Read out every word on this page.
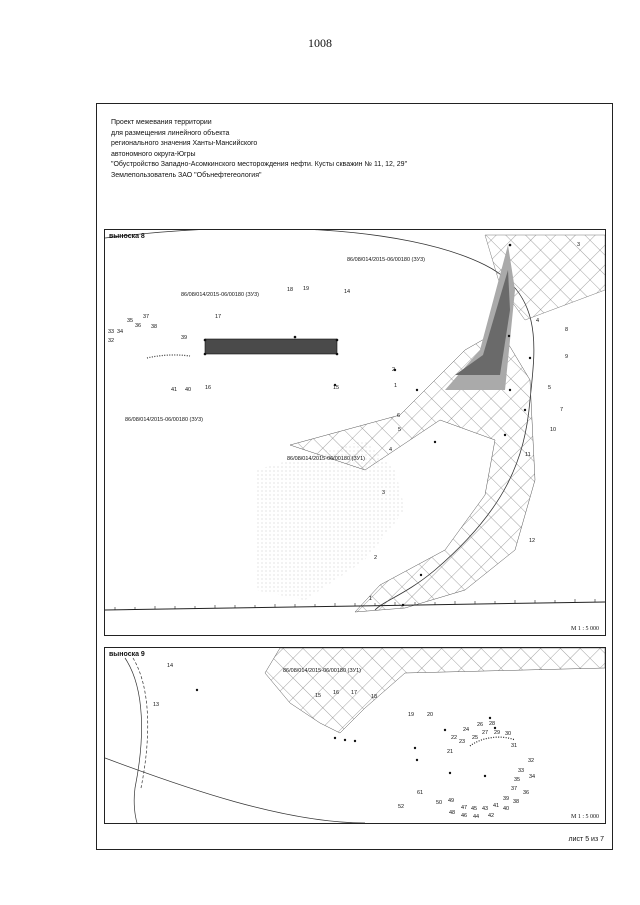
1008
Проект межевания территории
для размещения линейного объекта
регионального значения Ханты-Мансийского
автономного округа-Югры
"Обустройство Западно-Асомкинского месторождения нефти. Кусты скважин № 11, 12, 29"
Землепользователь ЗАО "Обънефтегеология"
выноска 8
86/08/014/2015-06/00180 (ЗУ3)
86/08/014/2015-06/00180 (ЗУ3)
86/08/014/2015-06/00180 (ЗУ3)
86/08/014/2015-06/00180 (ЗУ1)
М 1 : 5 000
3
18 19	14
17
37
35
36 38
33 34
32	39
41 40	16	15
2
1
4
8
9
5
7
6
5	10
4
11
3
12
2
1
выноска 9
86/08/014/2015-06/00180 (ЗУ1)
М 1 : 5 000
14
13
15 16 17
18
19 20
26 28
24 27 29 30
22
23
25
21
31
32
33
34
35
37
36
61
39 38
41 40
50 49
47 45 43
52
48 46 44 42
лист 5 из 7
